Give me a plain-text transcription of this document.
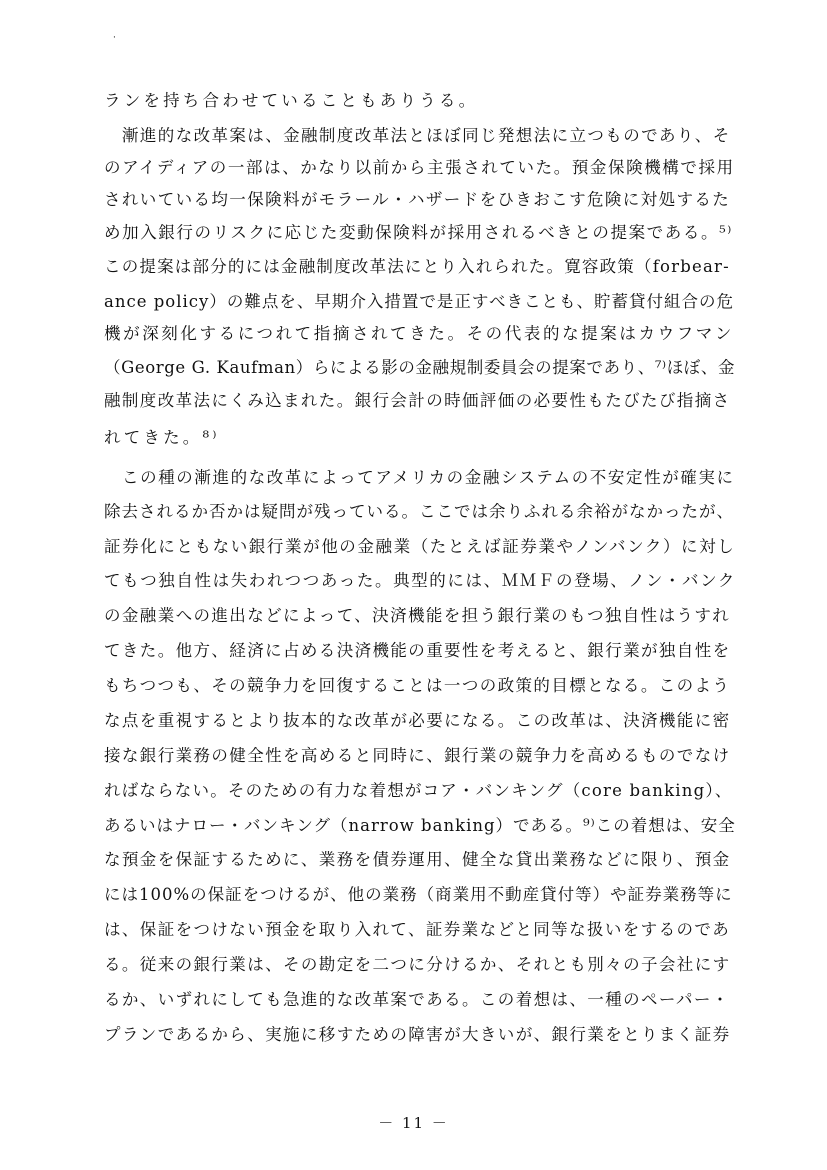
·
ランを持ち合わせていることもありうる。
漸進的な改革案は、金融制度改革法とほぼ同じ発想法に立つものであり、そ
のアイディアの一部は、かなり以前から主張されていた。預金保険機構で採用
されいている均一保険料がモラール・ハザードをひきおこす危険に対処するた
め加入銀行のリスクに応じた変動保険料が採用されるべきとの提案である。⁵⁾
この提案は部分的には金融制度改革法にとり入れられた。寛容政策（forbear-
ance policy）の難点を、早期介入措置で是正すべきことも、貯蓄貸付組合の危
機が深刻化するにつれて指摘されてきた。その代表的な提案はカウフマン
（George G. Kaufman）らによる影の金融規制委員会の提案であり、⁷⁾ほぼ、金
融制度改革法にくみ込まれた。銀行会計の時価評価の必要性もたびたび指摘さ
れてきた。⁸⁾
この種の漸進的な改革によってアメリカの金融システムの不安定性が確実に
除去されるか否かは疑問が残っている。ここでは余りふれる余裕がなかったが、
証券化にともない銀行業が他の金融業（たとえば証券業やノンバンク）に対し
てもつ独自性は失われつつあった。典型的には、ＭＭＦの登場、ノン・バンク
の金融業への進出などによって、決済機能を担う銀行業のもつ独自性はうすれ
てきた。他方、経済に占める決済機能の重要性を考えると、銀行業が独自性を
もちつつも、その競争力を回復することは一つの政策的目標となる。このよう
な点を重視するとより抜本的な改革が必要になる。この改革は、決済機能に密
接な銀行業務の健全性を高めると同時に、銀行業の競争力を高めるものでなけ
ればならない。そのための有力な着想がコア・バンキング（core banking）、
あるいはナロー・バンキング（narrow banking）である。⁹⁾この着想は、安全
な預金を保証するために、業務を債券運用、健全な貸出業務などに限り、預金
には100%の保証をつけるが、他の業務（商業用不動産貸付等）や証券業務等に
は、保証をつけない預金を取り入れて、証券業などと同等な扱いをするのであ
る。従来の銀行業は、その勘定を二つに分けるか、それとも別々の子会社にす
るか、いずれにしても急進的な改革案である。この着想は、一種のペーパー・
プランであるから、実施に移すための障害が大きいが、銀行業をとりまく証券
－ 11 －
